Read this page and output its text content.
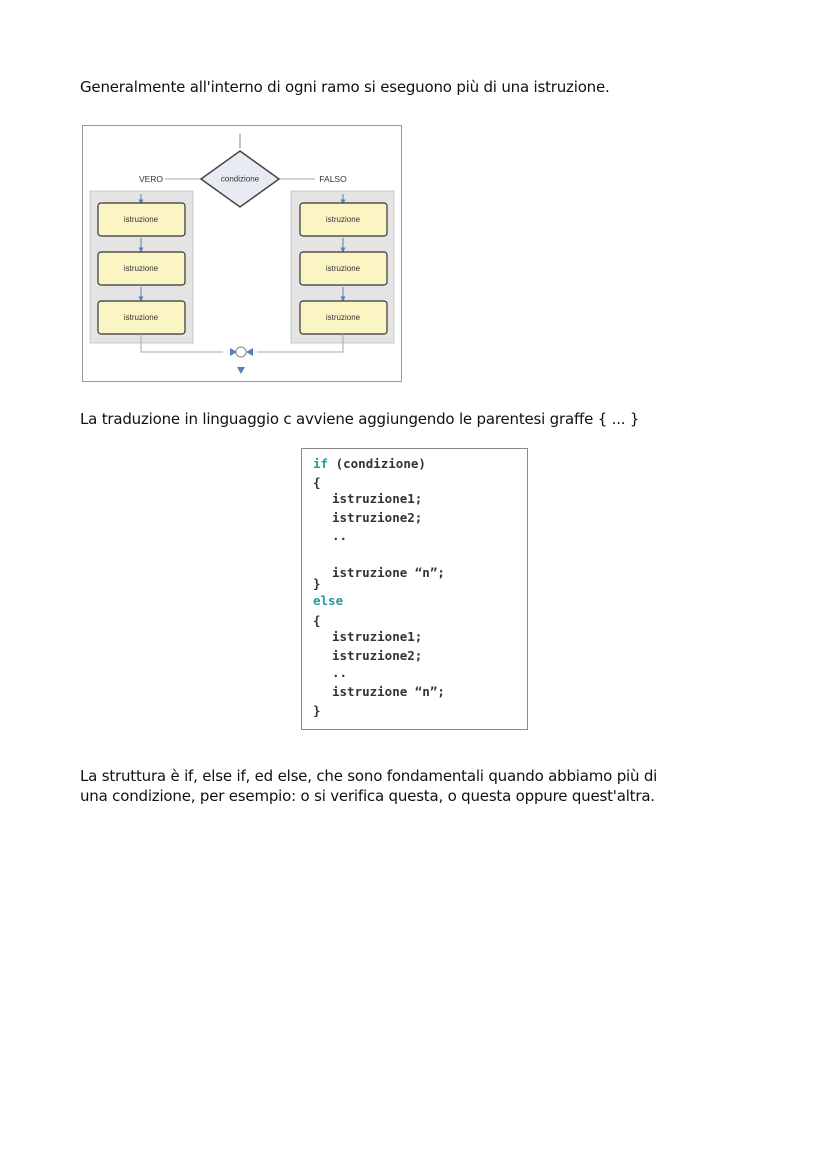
Generalmente all'interno di ogni ramo si eseguono più di una istruzione.

condizione
VERO	FALSO
istruzione
istruzione
istruzione
istruzione
istruzione
istruzione

La traduzione in linguaggio c avviene aggiungendo le parentesi graffe { ... }

if (condizione)
{
istruzione1;
istruzione2;
..
istruzione “n”;
}
else
{
istruzione1;
istruzione2;
..
istruzione “n”;
}

La struttura è if, else if, ed else, che sono fondamentali quando abbiamo più di
una condizione, per esempio: o si verifica questa, o questa oppure quest'altra.
